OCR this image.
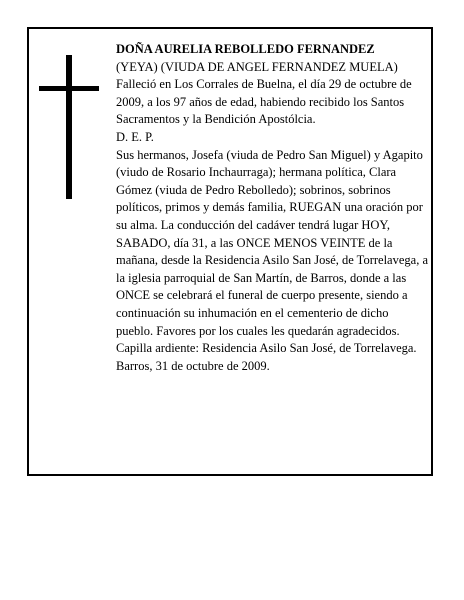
DOÑA AURELIA REBOLLEDO FERNANDEZ

(YEYA) (VIUDA DE ANGEL FERNANDEZ MUELA)

Falleció en Los Corrales de Buelna, el día 29 de octubre de 2009, a los 97 años de edad, habiendo recibido los Santos Sacramentos y la Bendición Apostólcia.

D. E. P.

Sus hermanos, Josefa (viuda de Pedro San Miguel) y Agapito (viudo de Rosario Inchaurraga); hermana política, Clara Gómez (viuda de Pedro Rebolledo); sobrinos, sobrinos políticos, primos y demás familia, RUEGAN una oración por su alma. La conducción del cadáver tendrá lugar HOY, SABADO, día 31, a las ONCE MENOS VEINTE de la mañana, desde la Residencia Asilo San José, de Torrelavega, a la iglesia parroquial de San Martín, de Barros, donde a las ONCE se celebrará el funeral de cuerpo presente, siendo a continuación su inhumación en el cementerio de dicho pueblo. Favores por los cuales les quedarán agradecidos.

Capilla ardiente: Residencia Asilo San José, de Torrelavega.

Barros, 31 de octubre de 2009.
